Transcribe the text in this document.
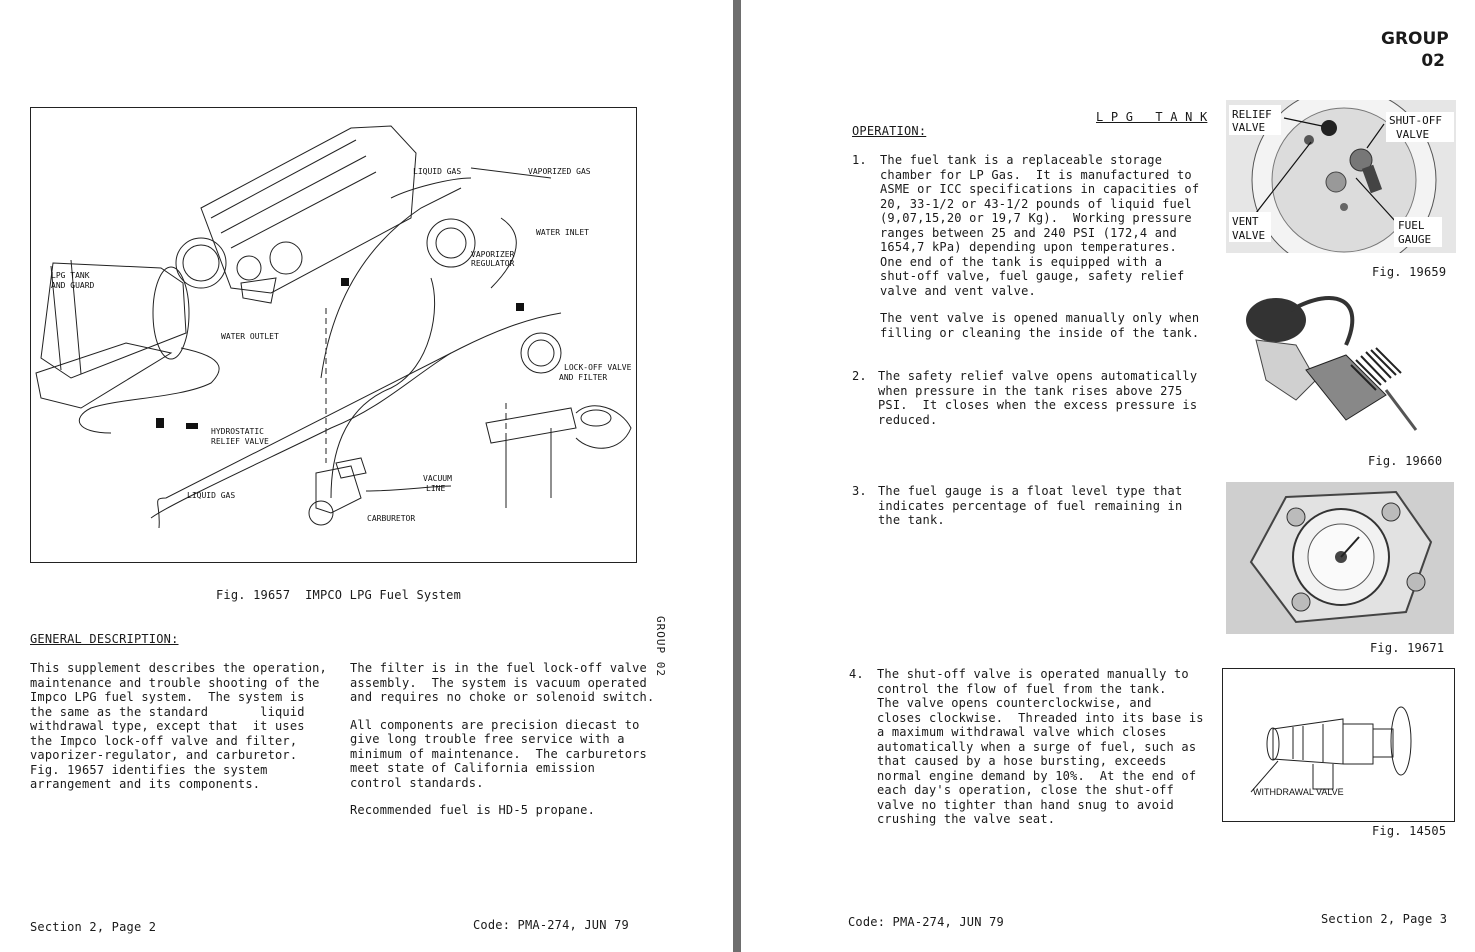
LIQUID GAS	VAPORIZED GAS
WATER INLET
VAPORIZER
REGULATOR
LPG TANK
AND GUARD
WATER OUTLET
LOCK-OFF VALVE
AND FILTER
HYDROSTATIC
RELIEF VALVE
VACUUM
LINE
LIQUID GAS
CARBURETOR
Fig. 19657  IMPCO LPG Fuel System
GROUP 02
GENERAL DESCRIPTION:
This supplement describes the operation,
maintenance and trouble shooting of the
Impco LPG fuel system.  The system is
the same as the standard       liquid
withdrawal type, except that  it uses
the Impco lock-off valve and filter,
vaporizer-regulator, and carburetor.
Fig. 19657 identifies the system
arrangement and its components.
The filter is in the fuel lock-off valve
assembly.  The system is vacuum operated
and requires no choke or solenoid switch.
All components are precision diecast to
give long trouble free service with a
minimum of maintenance.  The carburetors
meet state of California emission
control standards.
Recommended fuel is HD-5 propane.
Section 2, Page 2	Code: PMA-274, JUN 79
GROUP
02
L P G   T A N K
OPERATION:
1. The fuel tank is a replaceable storage
chamber for LP Gas.  It is manufactured to
ASME or ICC specifications in capacities of
20, 33-1/2 or 43-1/2 pounds of liquid fuel
(9,07,15,20 or 19,7 Kg).  Working pressure
ranges between 25 and 240 PSI (172,4 and
1654,7 kPa) depending upon temperatures.
One end of the tank is equipped with a
shut-off valve, fuel gauge, safety relief
valve and vent valve.
The vent valve is opened manually only when
filling or cleaning the inside of the tank.
2. The safety relief valve opens automatically
when pressure in the tank rises above 275
PSI.  It closes when the excess pressure is
reduced.
3. The fuel gauge is a float level type that
indicates percentage of fuel remaining in
the tank.
4. The shut-off valve is operated manually to
control the flow of fuel from the tank.
The valve opens counterclockwise, and
closes clockwise.  Threaded into its base is
a maximum withdrawal valve which closes
automatically when a surge of fuel, such as
that caused by a hose bursting, exceeds
normal engine demand by 10%.  At the end of
each day's operation, close the shut-off
valve no tighter than hand snug to avoid
crushing the valve seat.
RELIEF
VALVE
SHUT-OFF
VALVE
VENT
VALVE
FUEL
GAUGE
Fig. 19659
Fig. 19660
Fig. 19671
WITHDRAWAL VALVE
Fig. 14505
Code: PMA-274, JUN 79	Section 2, Page 3
